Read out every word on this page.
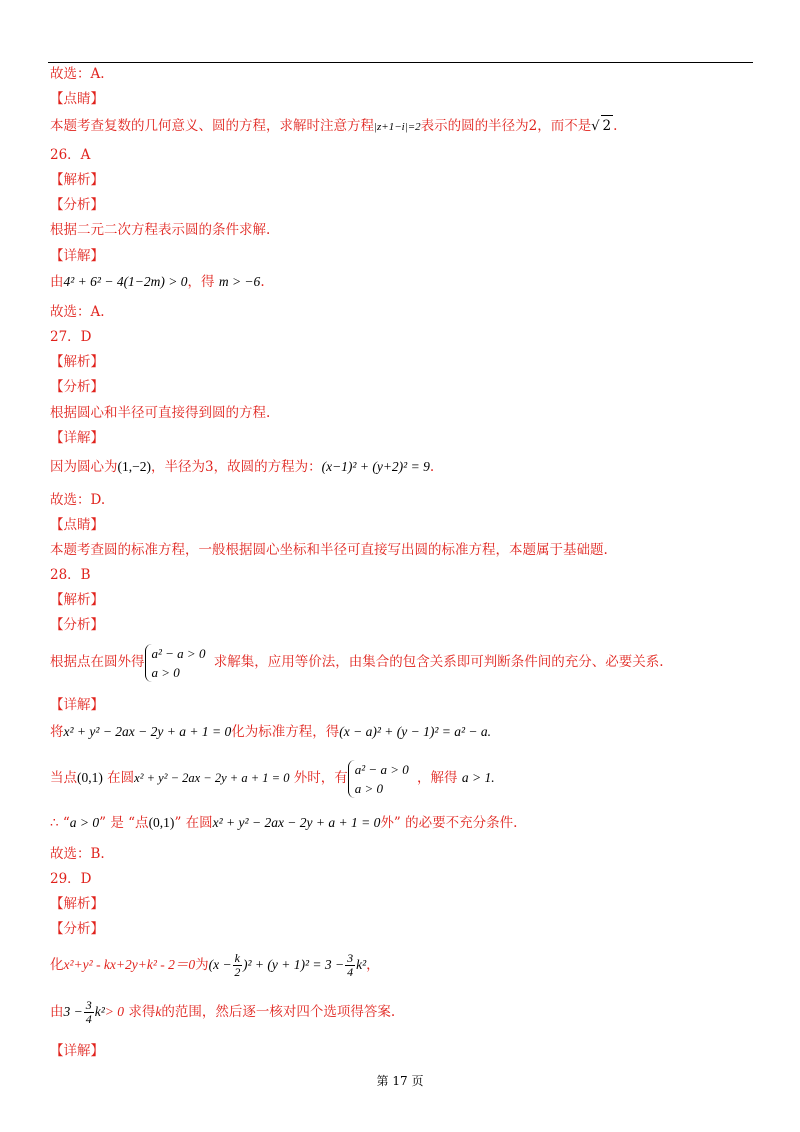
故选：A.
【点睛】
本题考查复数的几何意义、圆的方程，求解时注意方程|z+1−i|=2表示的圆的半径为2，而不是√ 2 .
26．A
【解析】
【分析】
根据二元二次方程表示圆的条件求解.
【详解】
由4² + 6² − 4(1−2m) > 0，得 m > −6.
故选：A.
27．D
【解析】
【分析】
根据圆心和半径可直接得到圆的方程.
【详解】
因为圆心为(1,−2)，半径为3，故圆的方程为：(x−1)² + (y+2)² = 9.
故选：D.
【点睛】
本题考查圆的标准方程，一般根据圆心坐标和半径可直接写出圆的标准方程，本题属于基础题.
28．B
【解析】
【分析】
根据点在圆外得a² − a > 0
a > 0 求解集，应用等价法，由集合的包含关系即可判断条件间的充分、必要关系.
【详解】
将x² + y² − 2ax − 2y + a + 1 = 0化为标准方程，得(x − a)² + (y − 1)² = a² − a.
当点(0,1) 在圆x² + y² − 2ax − 2y + a + 1 = 0 外时，有a² − a > 0
a > 0 ，解得 a > 1.
∴ “a > 0” 是 “点(0,1)” 在圆x² + y² − 2ax − 2y + a + 1 = 0外” 的必要不充分条件.
故选：B.
29．D
【解析】
【分析】
化x²+y² - kx+2y+k² - 2＝0为$(x - \frac{k}{2} )^2 + (y + 1)^2 = 3 - \frac{3}{4} k^2$，
由$3 - \frac{3}{4} k^2> 0$ 求得k的范围，然后逐一核对四个选项得答案.
【详解】
第 17 页
